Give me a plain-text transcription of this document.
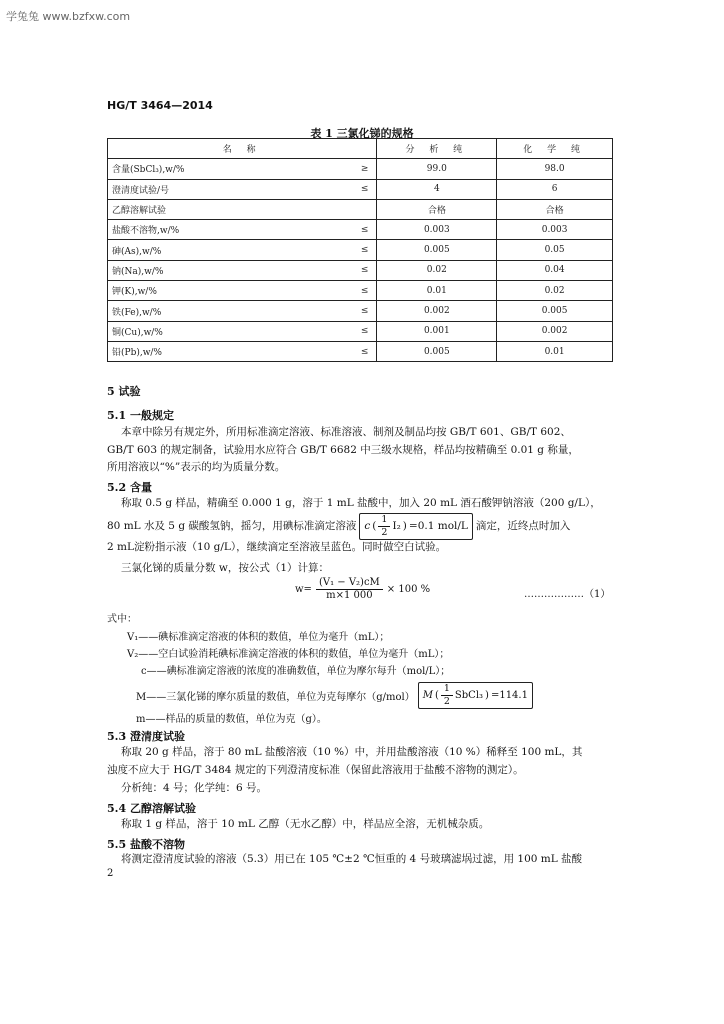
学兔兔 www.bzfxw.com
HG/T 3464—2014
表 1 三氯化锑的规格
名 称		分 析 纯	化 学 纯
含量(SbCl₃),w/%	≥	99.0	98.0
澄清度试验/号	≤	4	6
乙醇溶解试验		合格	合格
盐酸不溶物,w/%	≤	0.003	0.003
砷(As),w/%	≤	0.005	0.05
钠(Na),w/%	≤	0.02	0.04
钾(K),w/%	≤	0.01	0.02
铁(Fe),w/%	≤	0.002	0.005
铜(Cu),w/%	≤	0.001	0.002
铅(Pb),w/%	≤	0.005	0.01
5 试验
5.1 一般规定
本章中除另有规定外，所用标准滴定溶液、标准溶液、制剂及制品均按 GB/T 601、GB/T 602、
GB/T 603 的规定制备，试验用水应符合 GB/T 6682 中三级水规格，样品均按精确至 0.01 g 称量，
所用溶液以“%”表示的均为质量分数。
5.2 含量
称取 0.5 g 样品，精确至 0.000 1 g，溶于 1 mL 盐酸中，加入 20 mL 酒石酸钾钠溶液（200 g/L），
80 mL 水及 5 g 碳酸氢钠，摇匀，用碘标准滴定溶液 c ( $\frac{1}{2} I_2$ ) =0.1 mol/L 滴定，近终点时加入
2 mL淀粉指示液（10 g/L），继续滴定至溶液呈蓝色。同时做空白试验。
三氯化锑的质量分数 w，按公式（1）计算：
$w= \frac{\text{(V₁ − V₂)cM}}{m\times 1 000} \times 100$ %	………………（1）
式中：
V₁——碘标准滴定溶液的体积的数值，单位为毫升（mL）；
V₂——空白试验消耗碘标准滴定溶液的体积的数值，单位为毫升（mL）；
c——碘标准滴定溶液的浓度的准确数值，单位为摩尔每升（mol/L）；
M——三氯化锑的摩尔质量的数值，单位为克每摩尔（g/mol） M ( $\frac{1}{2}$ SbCl₃ ) =114.1
m——样品的质量的数值，单位为克（g）。
5.3 澄清度试验
称取 20 g 样品，溶于 80 mL 盐酸溶液（10 %）中，并用盐酸溶液（10 %）稀释至 100 mL，其
浊度不应大于 HG/T 3484 规定的下列澄清度标准（保留此溶液用于盐酸不溶物的测定）。
分析纯：4 号；化学纯：6 号。
5.4 乙醇溶解试验
称取 1 g 样品，溶于 10 mL 乙醇（无水乙醇）中，样品应全溶，无机械杂质。
5.5 盐酸不溶物
将测定澄清度试验的溶液（5.3）用已在 105 ℃±2 ℃恒重的 4 号玻璃滤埚过滤，用 100 mL 盐酸
2
